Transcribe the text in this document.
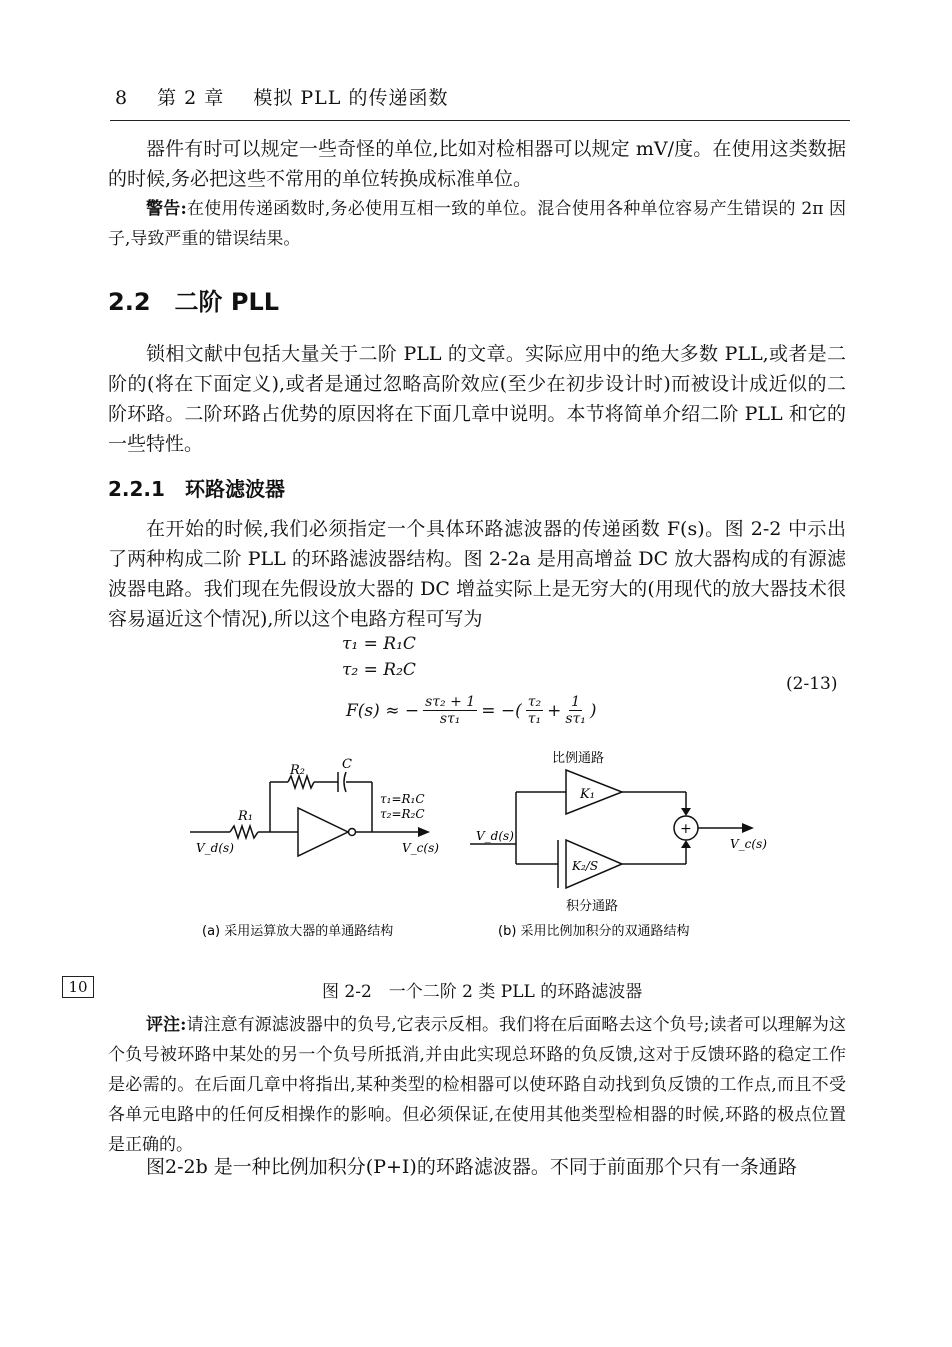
8 第 2 章 模拟 PLL 的传递函数
器件有时可以规定一些奇怪的单位,比如对检相器可以规定 mV/度。在使用这类数据的时候,务必把这些不常用的单位转换成标准单位。
警告:在使用传递函数时,务必使用互相一致的单位。混合使用各种单位容易产生错误的 2π 因子,导致严重的错误结果。
2.2　二阶 PLL
锁相文献中包括大量关于二阶 PLL 的文章。实际应用中的绝大多数 PLL,或者是二阶的(将在下面定义),或者是通过忽略高阶效应(至少在初步设计时)而被设计成近似的二阶环路。二阶环路占优势的原因将在下面几章中说明。本节将简单介绍二阶 PLL 和它的一些特性。
2.2.1　环路滤波器
在开始的时候,我们必须指定一个具体环路滤波器的传递函数 F(s)。图 2-2 中示出了两种构成二阶 PLL 的环路滤波器结构。图 2-2a 是用高增益 DC 放大器构成的有源滤波器电路。我们现在先假设放大器的 DC 增益实际上是无穷大的(用现代的放大器技术很容易逼近这个情况),所以这个电路方程可写为
τ₁ = R₁C
τ₂ = R₂C
F(s) ≈ − $\frac{\text{sτ₂ + 1}}{\text{sτ₁}}$ = −( $\frac{\text{τ₂}}{\text{τ₁}} + \frac{1}{\text{sτ₁}}$ )
(2-13)
R₂	C
R₁
τ₁=R₁C
τ₂=R₂C
V_d(s)	V_c(s)
比例通路
K₁
K₂/S
积分通路
+
V_d(s)
V_c(s)
(a) 采用运算放大器的单通路结构	(b) 采用比例加积分的双通路结构
10	图 2-2　一个二阶 2 类 PLL 的环路滤波器
评注:请注意有源滤波器中的负号,它表示反相。我们将在后面略去这个负号;读者可以理解为这个负号被环路中某处的另一个负号所抵消,并由此实现总环路的负反馈,这对于反馈环路的稳定工作是必需的。在后面几章中将指出,某种类型的检相器可以使环路自动找到负反馈的工作点,而且不受各单元电路中的任何反相操作的影响。但必须保证,在使用其他类型检相器的时候,环路的极点位置是正确的。
图2-2b 是一种比例加积分(P+I)的环路滤波器。不同于前面那个只有一条通路
